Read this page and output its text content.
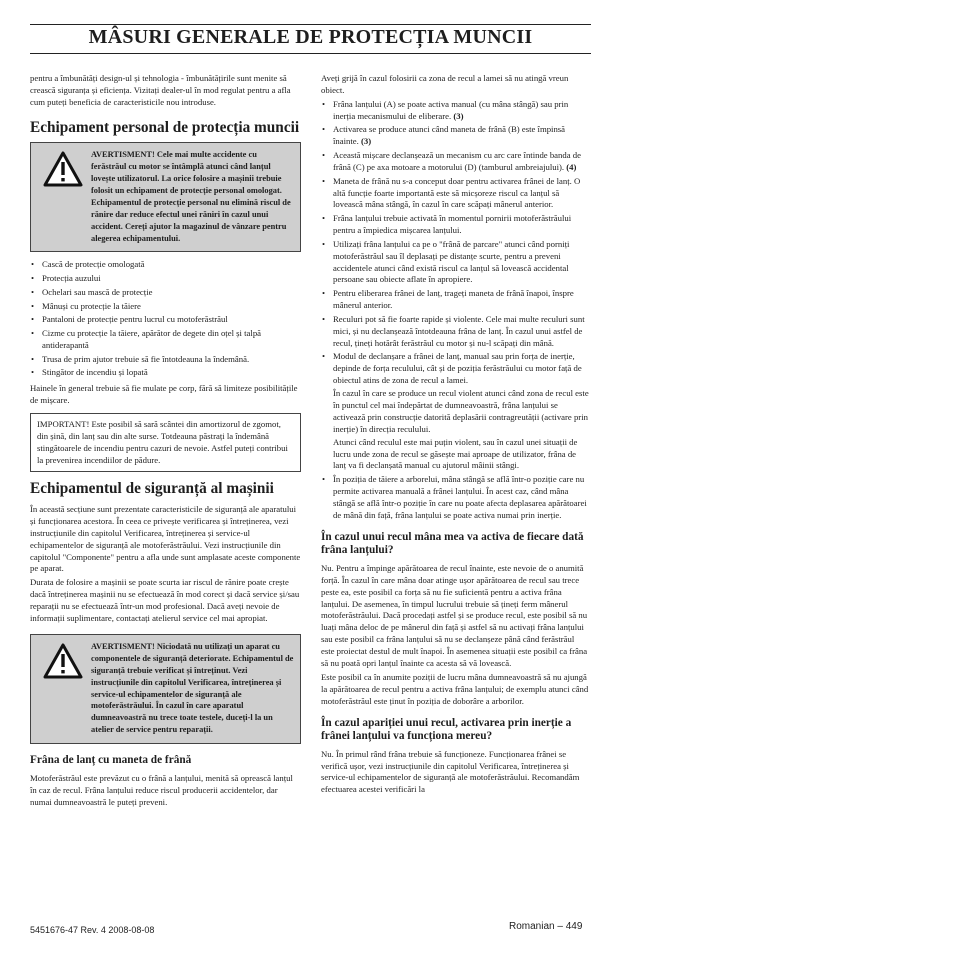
MÂSURI GENERALE DE PROTECȚIA MUNCII

pentru a îmbunătăți design-ul și tehnologia - îmbunătățirile sunt menite să crească siguranța și eficiența. Vizitați dealer-ul în mod regulat pentru a afla cum puteți beneficia de caracteristicile nou introduse.

Echipament personal de protecția muncii
AVERTISMENT! Cele mai multe accidente cu ferăstrăul cu motor se întâmplă atunci când lanțul lovește utilizatorul. La orice folosire a mașinii trebuie folosit un echipament de protecție personal omologat. Echipamentul de protecție personal nu elimină riscul de rănire dar reduce efectul unei răniri în cazul unui accident. Cereți ajutor la magazinul de vânzare pentru alegerea echipamentului.
• Cască de protecție omologată
• Protecția auzului
• Ochelari sau mască de protecție
• Mânuși cu protecție la tăiere
• Pantaloni de protecție pentru lucrul cu motoferăstrăul
• Cizme cu protecție la tăiere, apărător de degete din oțel și talpă antiderapantă
• Trusa de prim ajutor trebuie să fie întotdeauna la îndemână.
• Stingător de incendiu și lopată

Hainele în general trebuie să fie mulate pe corp, fără să limiteze posibilitățile de mișcare.

IMPORTANT! Este posibil să sară scântei din amortizorul de zgomot, din șină, din lanț sau din alte surse. Totdeauna păstrați la îndemână stingătoarele de incendiu pentru cazuri de nevoie. Astfel puteți contribui la prevenirea incendiilor de pădure.
Echipamentul de siguranță al mașinii

În această secțiune sunt prezentate caracteristicile de siguranță ale aparatului și funcționarea acestora. În ceea ce privește verificarea și întreținerea, vezi instrucțiunile din capitolul Verificarea, întreținerea și service-ul echipamentelor de siguranță ale motoferăstrăului. Vezi instrucțiunile din capitolul "Componente" pentru a afla unde sunt amplasate aceste componente pe aparat.

Durata de folosire a mașinii se poate scurta iar riscul de rănire poate crește dacă întreținerea mașinii nu se efectuează în mod corect și dacă service și/sau reparații nu se efectuează într-un mod profesional. Dacă aveți nevoie de informații suplimentare, contactați atelierul service cel mai apropiat.

AVERTISMENT! Niciodată nu utilizați un aparat cu componentele de siguranță deteriorate. Echipamentul de siguranță trebuie verificat și întreținut. Vezi instrucțiunile din capitolul Verificarea, întreținerea și service-ul echipamentelor de siguranță ale motoferăstrăului. În cazul în care aparatul dumneavoastră nu trece toate testele, duceți-l la un atelier de service pentru reparații.
Frâna de lanț cu maneta de frână

Motoferăstrăul este prevăzut cu o frână a lanțului, menită să oprească lanțul în caz de recul. Frâna lanțului reduce riscul producerii accidentelor, dar numai dumneavoastră le puteți preveni.

Aveți grijă în cazul folosirii ca zona de recul a lamei să nu atingă vreun obiect.

• Frâna lanțului (A) se poate activa manual (cu mâna stângă) sau prin inerția mecanismului de eliberare. (3)
• Activarea se produce atunci când maneta de frână (B) este împinsă înainte. (3)
• Această mișcare declanșează un mecanism cu arc care întinde banda de frână (C) pe axa motoare a motorului (D) (tamburul ambreiajului). (4)
• Maneta de frână nu s-a conceput doar pentru activarea frânei de lanț. O altă funcție foarte importantă este să micșoreze riscul ca lanțul să lovească mâna stângă, în cazul în care scăpați mânerul anterior.
• Frâna lanțului trebuie activată în momentul pornirii motoferăstrăului pentru a împiedica mișcarea lanțului.
• Utilizați frâna lanțului ca pe o "frână de parcare" atunci când porniți motoferăstrăul sau îl deplasați pe distanțe scurte, pentru a preveni accidentele atunci când există riscul ca lanțul să lovească accidental persoane sau obiecte aflate în apropiere.
• Pentru eliberarea frânei de lanț, trageți maneta de frână înapoi, înspre mânerul anterior.
• Reculuri pot să fie foarte rapide și violente. Cele mai multe reculuri sunt mici, și nu declanșează întotdeauna frâna de lanț. În cazul unui astfel de recul, țineți hotărât ferăstrăul cu motor și nu-l scăpați din mână.
• Modul de declanșare a frânei de lanț, manual sau prin forța de inerție, depinde de forța reculului, cât și de poziția ferăstrăului cu motor față de obiectul atins de zona de recul a lamei.
În cazul în care se produce un recul violent atunci când zona de recul este în punctul cel mai îndepărtat de dumneavoastră, frâna lanțului se activează prin construcție datorită deplasării contragreutății (activare prin inerție) în direcția reculului.
Atunci când reculul este mai puțin violent, sau în cazul unei situații de lucru unde zona de recul se găsește mai aproape de utilizator, frâna de lanț va fi declanșată manual cu ajutorul mâinii stângi.
• În poziția de tăiere a arborelui, mâna stângă se află într-o poziție care nu permite activarea manuală a frânei lanțului. În acest caz, când mâna stângă se află într-o poziție în care nu poate afecta deplasarea apărătoarei de mână din față, frâna lanțului se poate activa numai prin inerție.
În cazul unui recul mâna mea va activa de fiecare dată frâna lanțului?

Nu. Pentru a împinge apărătoarea de recul înainte, este nevoie de o anumită forță. În cazul în care mâna doar atinge ușor apărătoarea de recul sau trece peste ea, este posibil ca forța să nu fie suficientă pentru a activa frâna lanțului. De asemenea, în timpul lucrului trebuie să țineți ferm mânerul motoferăstrăului. Dacă procedați astfel și se produce recul, este posibil să nu luați mâna deloc de pe mânerul din față și astfel să nu activați frâna lanțului sau este posibil ca frâna lanțului să nu se declanșeze până când ferăstrăul este proiectat destul de mult înapoi. În asemenea situații este posibil ca frâna să nu poată opri lanțul înainte ca acesta să vă lovească.

Este posibil ca în anumite poziții de lucru mâna dumneavoastră să nu ajungă la apărătoarea de recul pentru a activa frâna lanțului; de exemplu atunci când motoferăstrăul este ținut în poziția de doborâre a arborilor.

În cazul apariției unui recul, activarea prin inerție a frânei lanțului va funcționa mereu?

Nu. În primul rând frâna trebuie să funcționeze. Funcționarea frânei se verifică ușor, vezi instrucțiunile din capitolul Verificarea, întreținerea și service-ul echipamentelor de siguranță ale motoferăstrăului. Recomandăm efectuarea acestei verificări la

5451676-47 Rev. 4 2008-08-08	Romanian – 449
